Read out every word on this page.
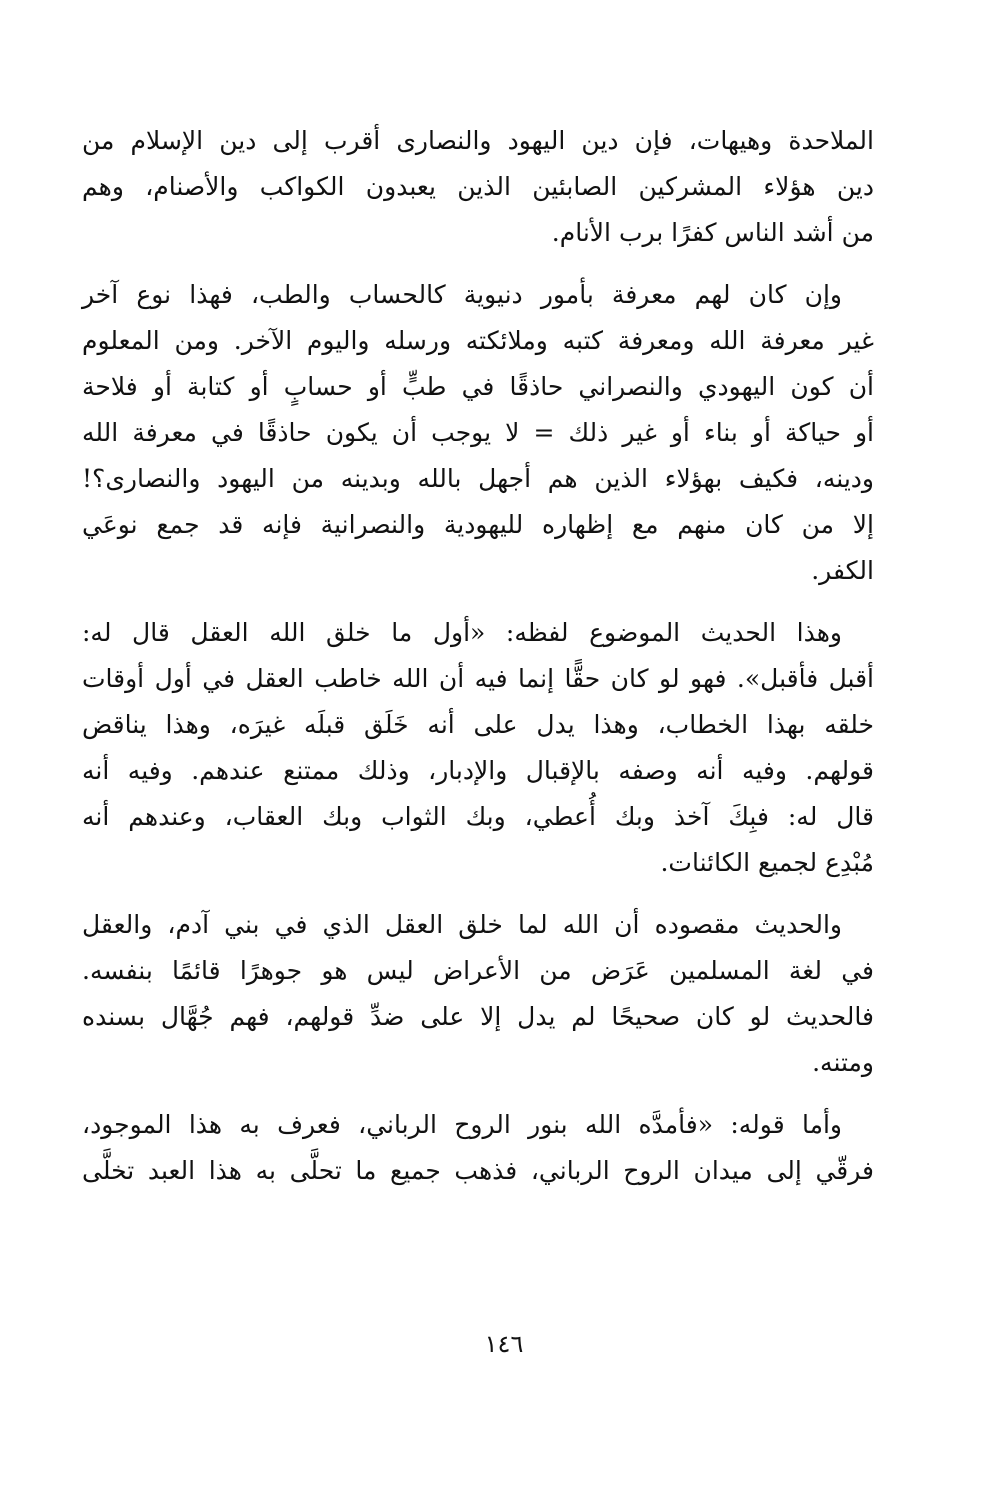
الملاحدة وهيهات، فإن دين اليهود والنصارى أقرب إلى دين الإسلام من
دين هؤلاء المشركين الصابئين الذين يعبدون الكواكب والأصنام، وهم
من أشد الناس كفرًا برب الأنام.

وإن كان لهم معرفة بأمور دنيوية كالحساب والطب، فهذا نوع آخر
غير معرفة الله ومعرفة كتبه وملائكته ورسله واليوم الآخر. ومن المعلوم
أن كون اليهودي والنصراني حاذقًا في طبٍّ أو حسابٍ أو كتابة أو فلاحة
أو حياكة أو بناء أو غير ذلك = لا يوجب أن يكون حاذقًا في معرفة الله
ودينه، فكيف بهؤلاء الذين هم أجهل بالله وبدينه من اليهود والنصارى؟!
إلا من كان منهم مع إظهاره لليهودية والنصرانية فإنه قد جمع نوعَي
الكفر.

وهذا الحديث الموضوع لفظه: «أول ما خلق الله العقل قال له:
أقبل فأقبل». فهو لو كان حقًّا إنما فيه أن الله خاطب العقل في أول أوقات
خلقه بهذا الخطاب، وهذا يدل على أنه خَلَق قبلَه غيرَه، وهذا يناقض
قولهم. وفيه أنه وصفه بالإقبال والإدبار، وذلك ممتنع عندهم. وفيه أنه
قال له: فبِكَ آخذ وبك أُعطي، وبك الثواب وبك العقاب، وعندهم أنه
مُبْدِع لجميع الكائنات.

والحديث مقصوده أن الله لما خلق العقل الذي في بني آدم، والعقل
في لغة المسلمين عَرَض من الأعراض ليس هو جوهرًا قائمًا بنفسه.
فالحديث لو كان صحيحًا لم يدل إلا على ضدِّ قولهم، فهم جُهَّال بسنده
ومتنه.

وأما قوله: «فأمدَّه الله بنور الروح الرباني، فعرف به هذا الموجود،
فرقّي إلى ميدان الروح الرباني، فذهب جميع ما تحلَّى به هذا العبد تخلَّى

١٤٦
